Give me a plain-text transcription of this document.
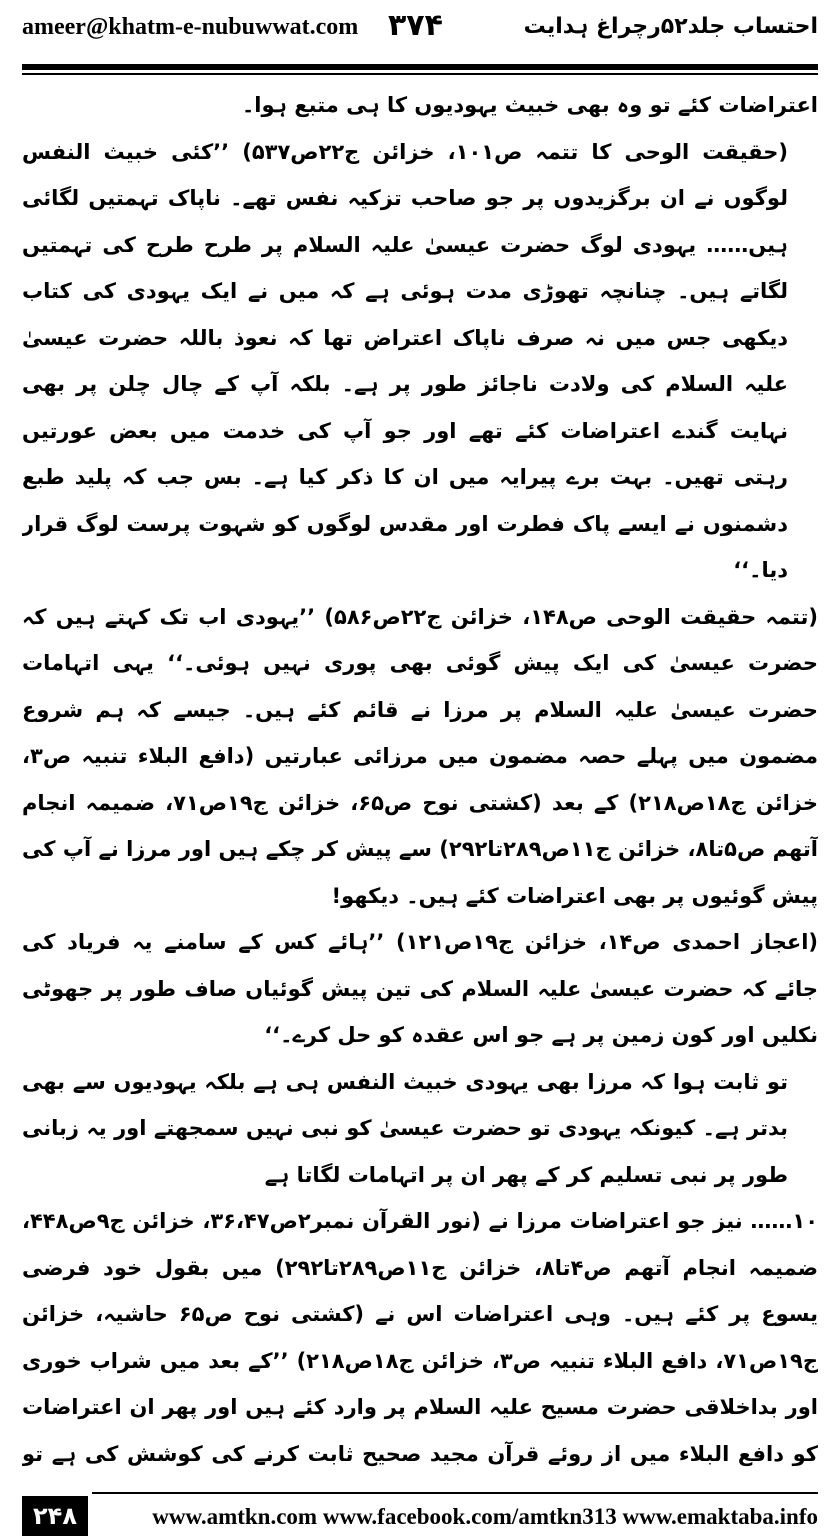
ameer@khatm-e-nubuwwat.com ۳۷۴	احتساب جلد۵۲رچراغ ہدایت

اعتراضات کئے تو وہ بھی خبیث یہودیوں کا ہی متبع ہوا۔

(حقیقت الوحی کا تتمہ ص۱۰۱، خزائن ج۲۲ص۵۳۷) ’’کئی خبیث النفس لوگوں نے ان برگزیدوں پر جو صاحب تزکیہ نفس تھے۔ ناپاک تہمتیں لگائی ہیں…… یہودی لوگ حضرت عیسیٰ علیہ السلام پر طرح طرح کی تہمتیں لگاتے ہیں۔ چنانچہ تھوڑی مدت ہوئی ہے کہ میں نے ایک یہودی کی کتاب دیکھی جس میں نہ صرف ناپاک اعتراض تھا کہ نعوذ باللہ حضرت عیسیٰ علیہ السلام کی ولادت ناجائز طور پر ہے۔ بلکہ آپ کے چال چلن پر بھی نہایت گندے اعتراضات کئے تھے اور جو آپ کی خدمت میں بعض عورتیں رہتی تھیں۔ بہت برے پیرایہ میں ان کا ذکر کیا ہے۔ بس جب کہ پلید طبع دشمنوں نے ایسے پاک فطرت اور مقدس لوگوں کو شہوت پرست لوگ قرار دیا۔‘‘

(تتمہ حقیقت الوحی ص۱۴۸، خزائن ج۲۲ص۵۸۶) ’’یہودی اب تک کہتے ہیں کہ حضرت عیسیٰ کی ایک پیش گوئی بھی پوری نہیں ہوئی۔‘‘ یہی اتہامات حضرت عیسیٰ علیہ السلام پر مرزا نے قائم کئے ہیں۔ جیسے کہ ہم شروع مضمون میں پہلے حصہ مضمون میں مرزائی عبارتیں (دافع البلاء تنبیہ ص۳، خزائن ج۱۸ص۲۱۸) کے بعد (کشتی نوح ص۶۵، خزائن ج۱۹ص۷۱، ضمیمہ انجام آتھم ص۵تا۸، خزائن ج۱۱ص۲۸۹تا۲۹۲) سے پیش کر چکے ہیں اور مرزا نے آپ کی پیش گوئیوں پر بھی اعتراضات کئے ہیں۔ دیکھو!

(اعجاز احمدی ص۱۴، خزائن ج۱۹ص۱۲۱) ’’ہائے کس کے سامنے یہ فریاد کی جائے کہ حضرت عیسیٰ علیہ السلام کی تین پیش گوئیاں صاف طور پر جھوٹی نکلیں اور کون زمین پر ہے جو اس عقدہ کو حل کرے۔‘‘

تو ثابت ہوا کہ مرزا بھی یہودی خبیث النفس ہی ہے بلکہ یہودیوں سے بھی بدتر ہے۔ کیونکہ یہودی تو حضرت عیسیٰ کو نبی نہیں سمجھتے اور یہ زبانی طور پر نبی تسلیم کر کے پھر ان پر اتہامات لگاتا ہے

۱۰…… نیز جو اعتراضات مرزا نے (نور القرآن نمبر۲ص۳۶،۴۷، خزائن ج۹ص۴۴۸، ضمیمہ انجام آتھم ص۴تا۸، خزائن ج۱۱ص۲۸۹تا۲۹۲) میں بقول خود فرضی یسوع پر کئے ہیں۔ وہی اعتراضات اس نے (کشتی نوح ص۶۵ حاشیہ، خزائن ج۱۹ص۷۱، دافع البلاء تنبیہ ص۳، خزائن ج۱۸ص۲۱۸) ’’کے بعد میں شراب خوری اور بداخلاقی حضرت مسیح علیہ السلام پر وارد کئے ہیں اور پھر ان اعتراضات کو دافع البلاء میں از روئے قرآن مجید صحیح ثابت کرنے کی کوشش کی ہے تو

۲۴۸	www.amtkn.com www.facebook.com/amtkn313 www.emaktaba.info
